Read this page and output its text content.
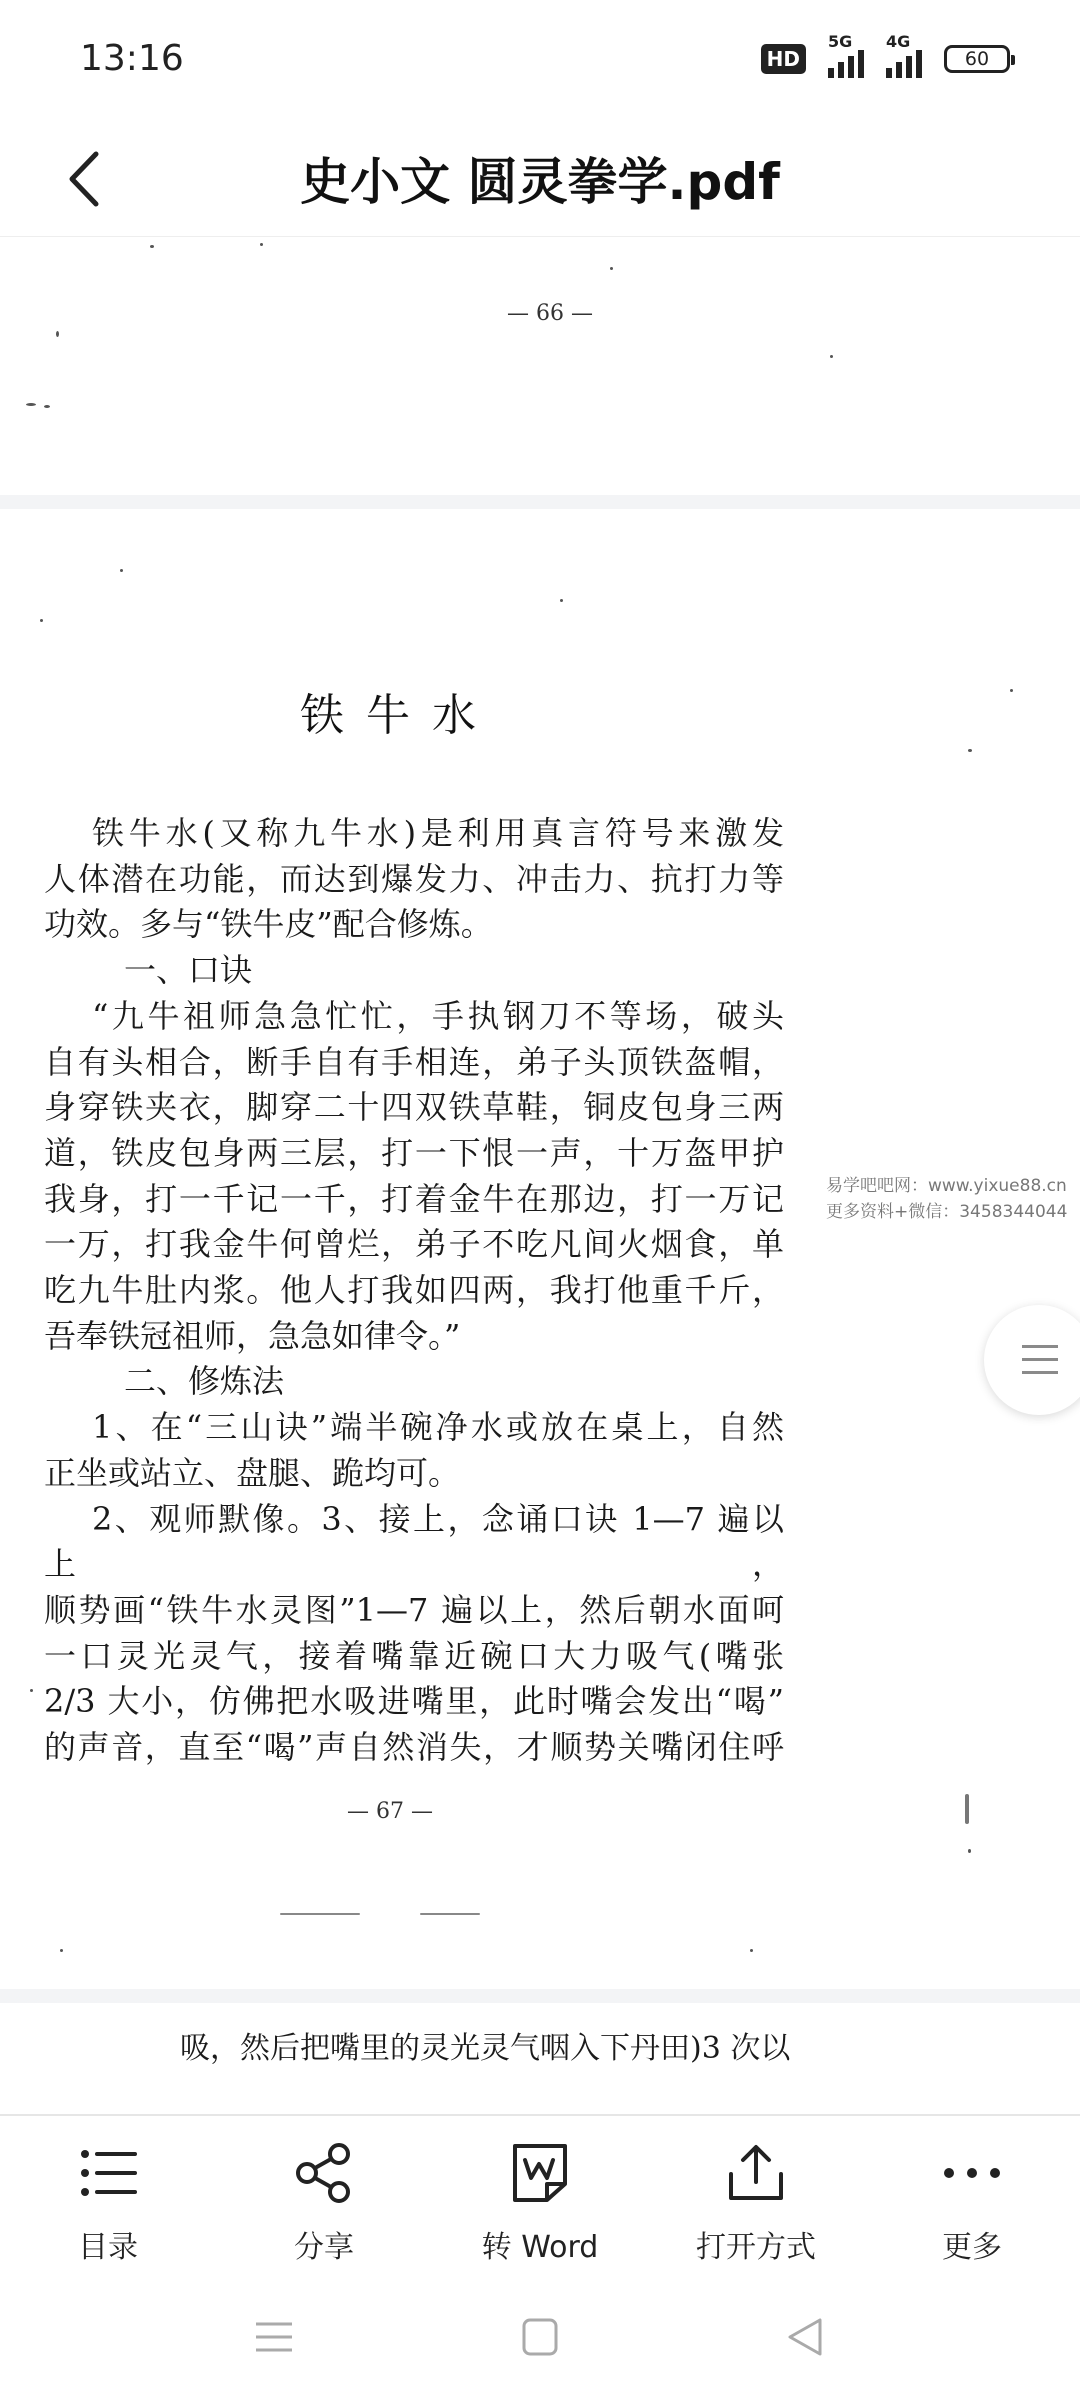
13:16	HD
5G 4G
60
史小文 圆灵拳学.pdf
— 66 —
铁牛水

铁牛水(又称九牛水)是利用真言符号来激发

人体潜在功能，而达到爆发力、冲击力、抗打力等

功效。多与“铁牛皮”配合修炼。

一、口诀

“九牛祖师急急忙忙，手执钢刀不等场，破头

自有头相合，断手自有手相连，弟子头顶铁盔帽，

身穿铁夹衣，脚穿二十四双铁草鞋，铜皮包身三两

道，铁皮包身两三层，打一下恨一声，十万盔甲护

我身，打一千记一千，打着金牛在那边，打一万记

一万，打我金牛何曾烂，弟子不吃凡间火烟食，单

吃九牛肚内浆。他人打我如四两，我打他重千斤，

吾奉铁冠祖师，急急如律令。”

二、修炼法

1、在“三山诀”端半碗净水或放在桌上，自然

正坐或站立、盘腿、跪均可。

2、观师默像。3、接上，念诵口诀 1—7 遍以上，

顺势画“铁牛水灵图”1—7 遍以上，然后朝水面呵

一口灵光灵气，接着嘴靠近碗口大力吸气(嘴张

2/3 大小，仿佛把水吸进嘴里，此时嘴会发出“喝”

的声音，直至“喝”声自然消失，才顺势关嘴闭住呼

— 67 —
吸，然后把嘴里的灵光灵气咽入下丹田)3 次以
易学吧吧网：www.yixue88.cn
更多资料+微信：3458344044
目录	分享	转 Word	打开方式	更多
